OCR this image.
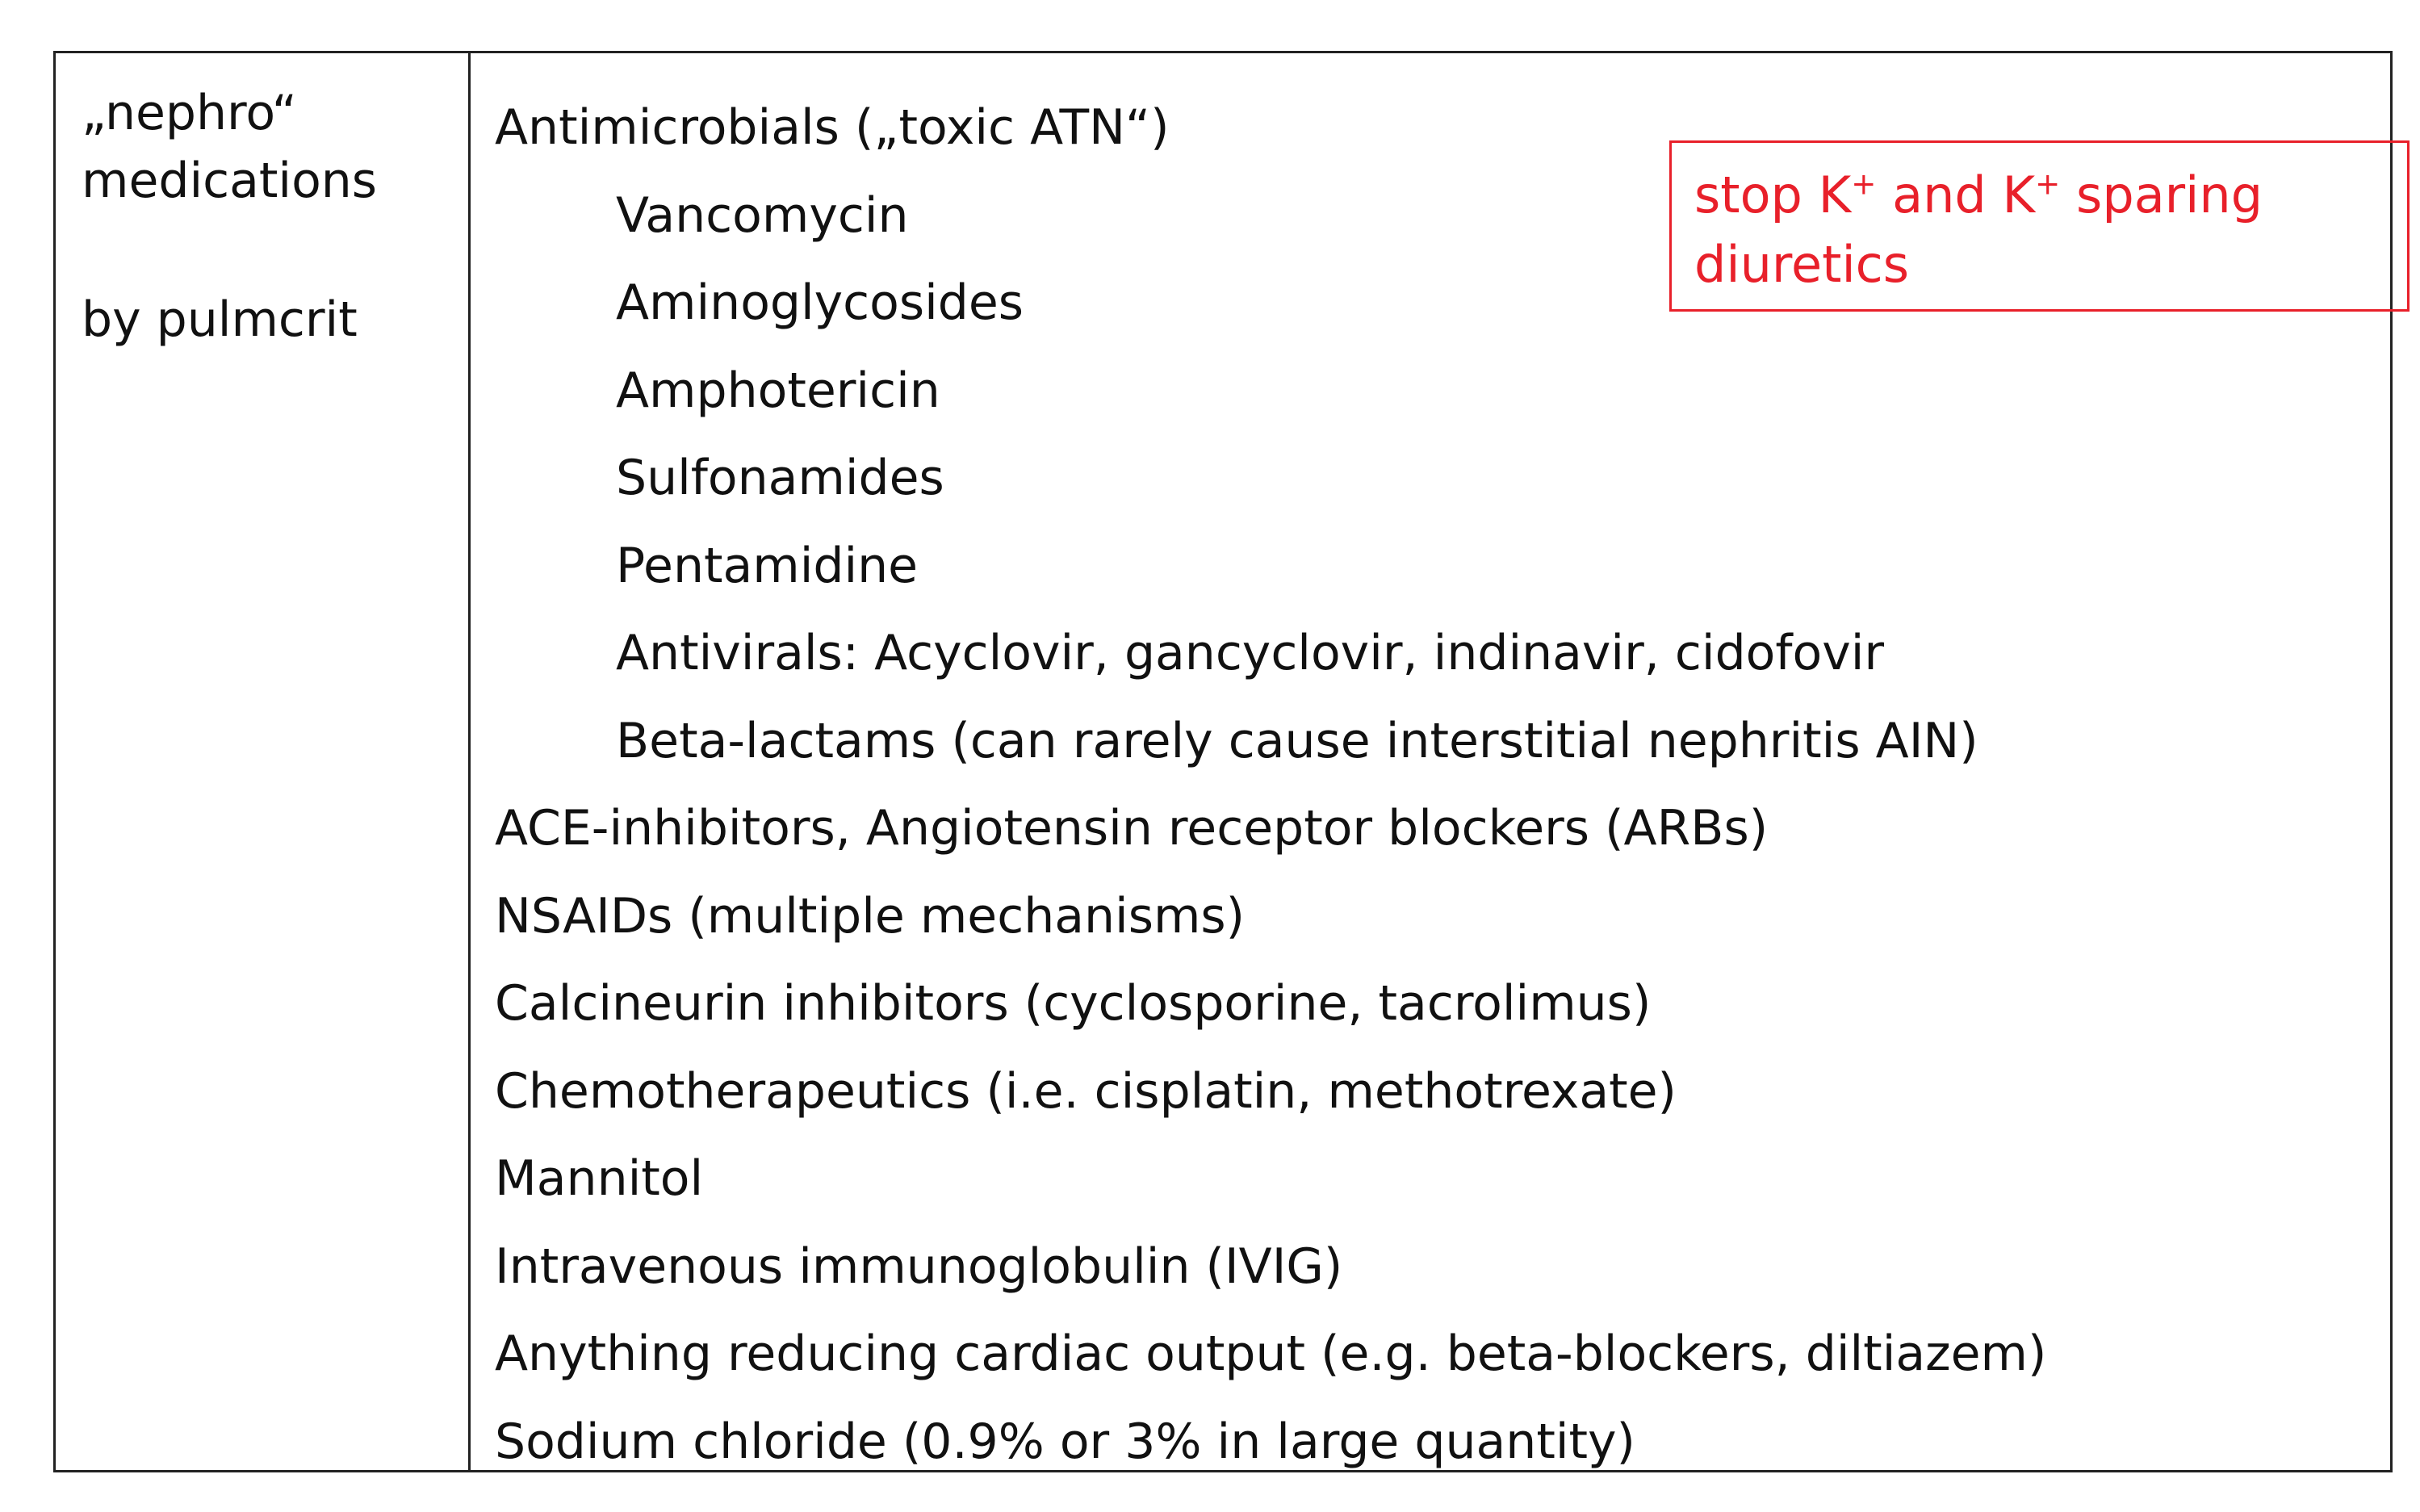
„nephro“
medications

by pulmcrit

Antimicrobials („toxic ATN“)
Vancomycin
Aminoglycosides
Amphotericin
Sulfonamides
Pentamidine
Antivirals: Acyclovir, gancyclovir, indinavir, cidofovir
Beta-lactams (can rarely cause interstitial nephritis AIN)
ACE-inhibitors, Angiotensin receptor blockers (ARBs)
NSAIDs (multiple mechanisms)
Calcineurin inhibitors (cyclosporine, tacrolimus)
Chemotherapeutics (i.e. cisplatin, methotrexate)
Mannitol
Intravenous immunoglobulin (IVIG)
Anything reducing cardiac output (e.g. beta-blockers, diltiazem)
Sodium chloride (0.9% or 3% in large quantity)
stop K+ and K+ sparing
diuretics
